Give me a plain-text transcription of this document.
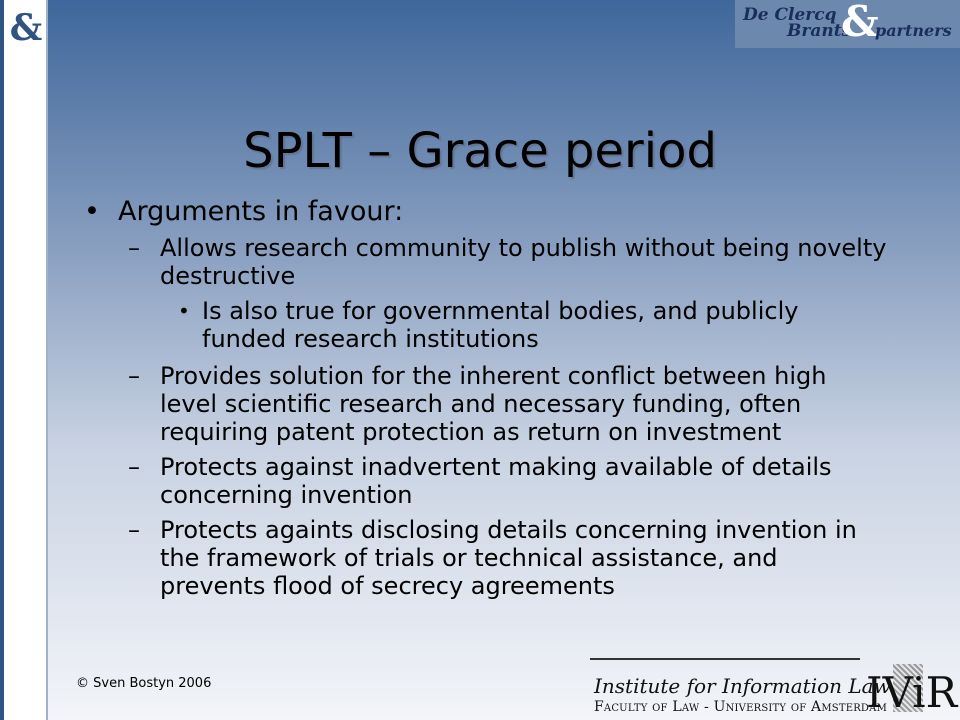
&	De Clercq
Brants
&
partners
SPLT – Grace period
• Arguments in favour:
– Allows research community to publish without being novelty destructive
• Is also true for governmental bodies, and publicly funded research institutions
– Provides solution for the inherent conflict between high level scientific research and necessary funding, often requiring patent protection as return on investment
– Protects against inadvertent making available of details concerning invention
– Protects againts disclosing details concerning invention in the framework of trials or technical assistance, and prevents flood of secrecy agreements
© Sven Bostyn 2006	Institute for Information Law
Faculty of Law - University of Amsterdam
IViR
